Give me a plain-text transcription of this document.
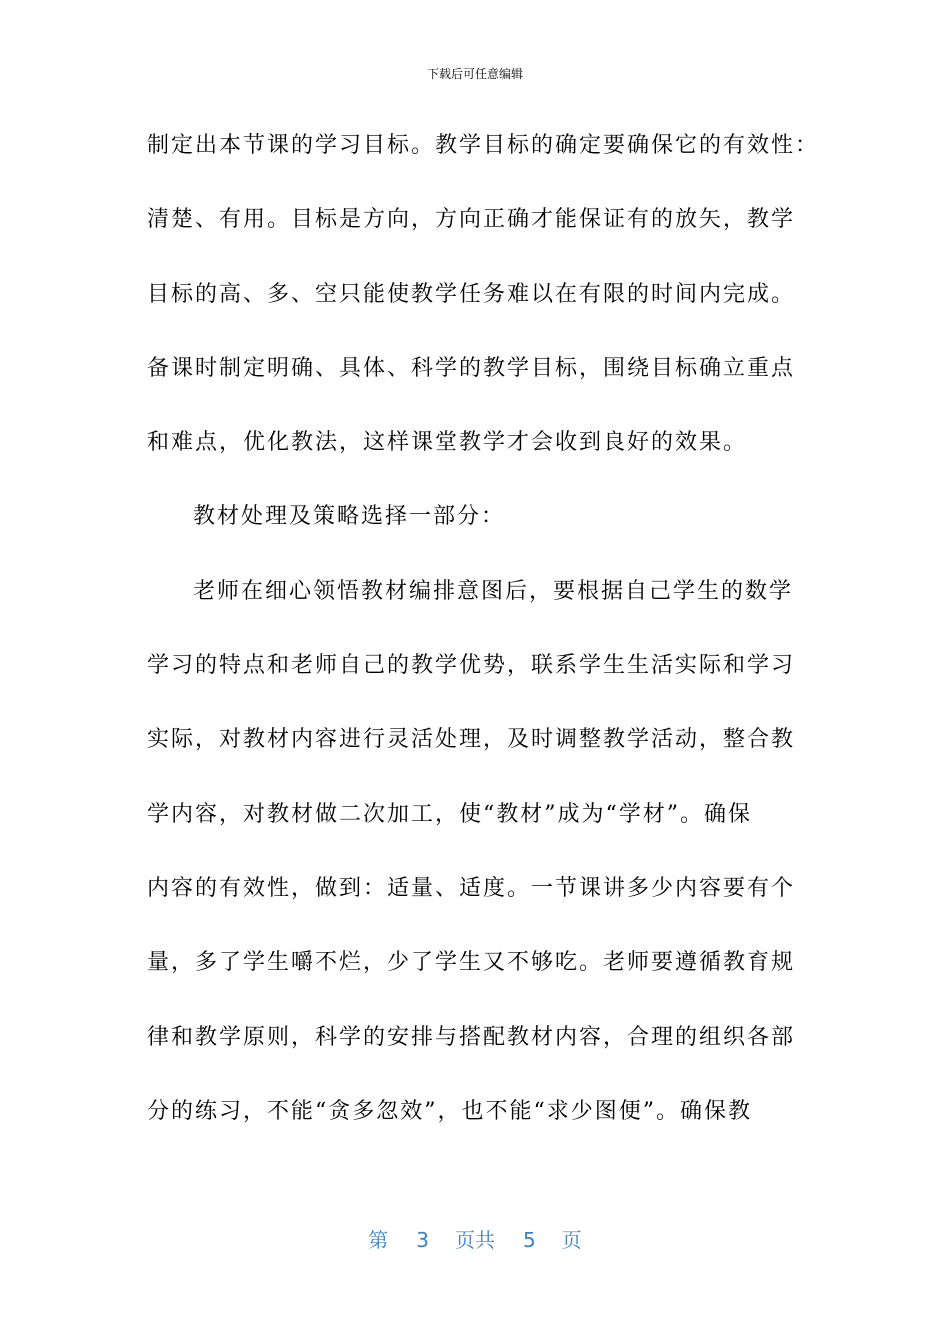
下载后可任意编辑
制定出本节课的学习目标。教学目标的确定要确保它的有效性：
清楚、有用。目标是方向，方向正确才能保证有的放矢，教学
目标的高、多、空只能使教学任务难以在有限的时间内完成。
备课时制定明确、具体、科学的教学目标，围绕目标确立重点
和难点，优化教法，这样课堂教学才会收到良好的效果。
教材处理及策略选择一部分：
老师在细心领悟教材编排意图后，要根据自己学生的数学
学习的特点和老师自己的教学优势，联系学生生活实际和学习
实际，对教材内容进行灵活处理，及时调整教学活动，整合教
学内容，对教材做二次加工，使“教材”成为“学材”。确保
内容的有效性，做到：适量、适度。一节课讲多少内容要有个
量，多了学生嚼不烂，少了学生又不够吃。老师要遵循教育规
律和教学原则，科学的安排与搭配教材内容，合理的组织各部
分的练习，不能“贪多忽效”，也不能“求少图便”。确保教
第 3 页共 5 页
